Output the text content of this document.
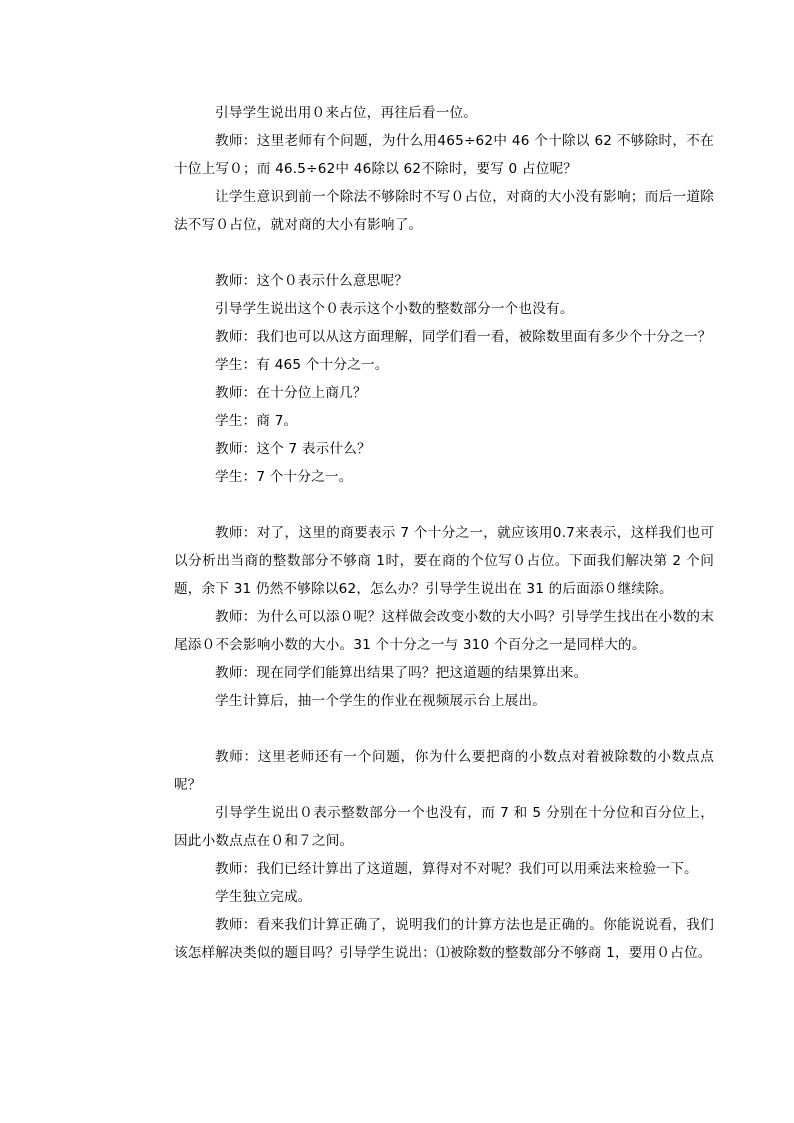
引导学生说出用０来占位，再往后看一位。

教师：这里老师有个问题，为什么用465÷62中 46 个十除以 62 不够除时，不在十位上写０；而 46.5÷62中 46除以 62不除时，要写 0 占位呢？

让学生意识到前一个除法不够除时不写０占位，对商的大小没有影响；而后一道除法不写０占位，就对商的大小有影响了。

教师：这个０表示什么意思呢？

引导学生说出这个０表示这个小数的整数部分一个也没有。

教师：我们也可以从这方面理解，同学们看一看，被除数里面有多少个十分之一？

学生：有 465 个十分之一。

教师：在十分位上商几？

学生：商 7。

教师：这个 7 表示什么？

学生：7 个十分之一。

教师：对了，这里的商要表示 7 个十分之一，就应该用0.7来表示，这样我们也可以分析出当商的整数部分不够商 1时，要在商的个位写０占位。下面我们解决第 2 个问题，余下 31 仍然不够除以62，怎么办？引导学生说出在 31 的后面添０继续除。

教师：为什么可以添０呢？这样做会改变小数的大小吗？引导学生找出在小数的末尾添０不会影响小数的大小。31 个十分之一与 310 个百分之一是同样大的。

教师：现在同学们能算出结果了吗？把这道题的结果算出来。

学生计算后，抽一个学生的作业在视频展示台上展出。

教师：这里老师还有一个问题，你为什么要把商的小数点对着被除数的小数点点呢？

引导学生说出０表示整数部分一个也没有，而 7 和 5 分别在十分位和百分位上，因此小数点点在０和７之间。

教师：我们已经计算出了这道题，算得对不对呢？我们可以用乘法来检验一下。

学生独立完成。

教师：看来我们计算正确了，说明我们的计算方法也是正确的。你能说说看，我们该怎样解决类似的题目吗？引导学生说出：⑴被除数的整数部分不够商 1，要用０占位。
